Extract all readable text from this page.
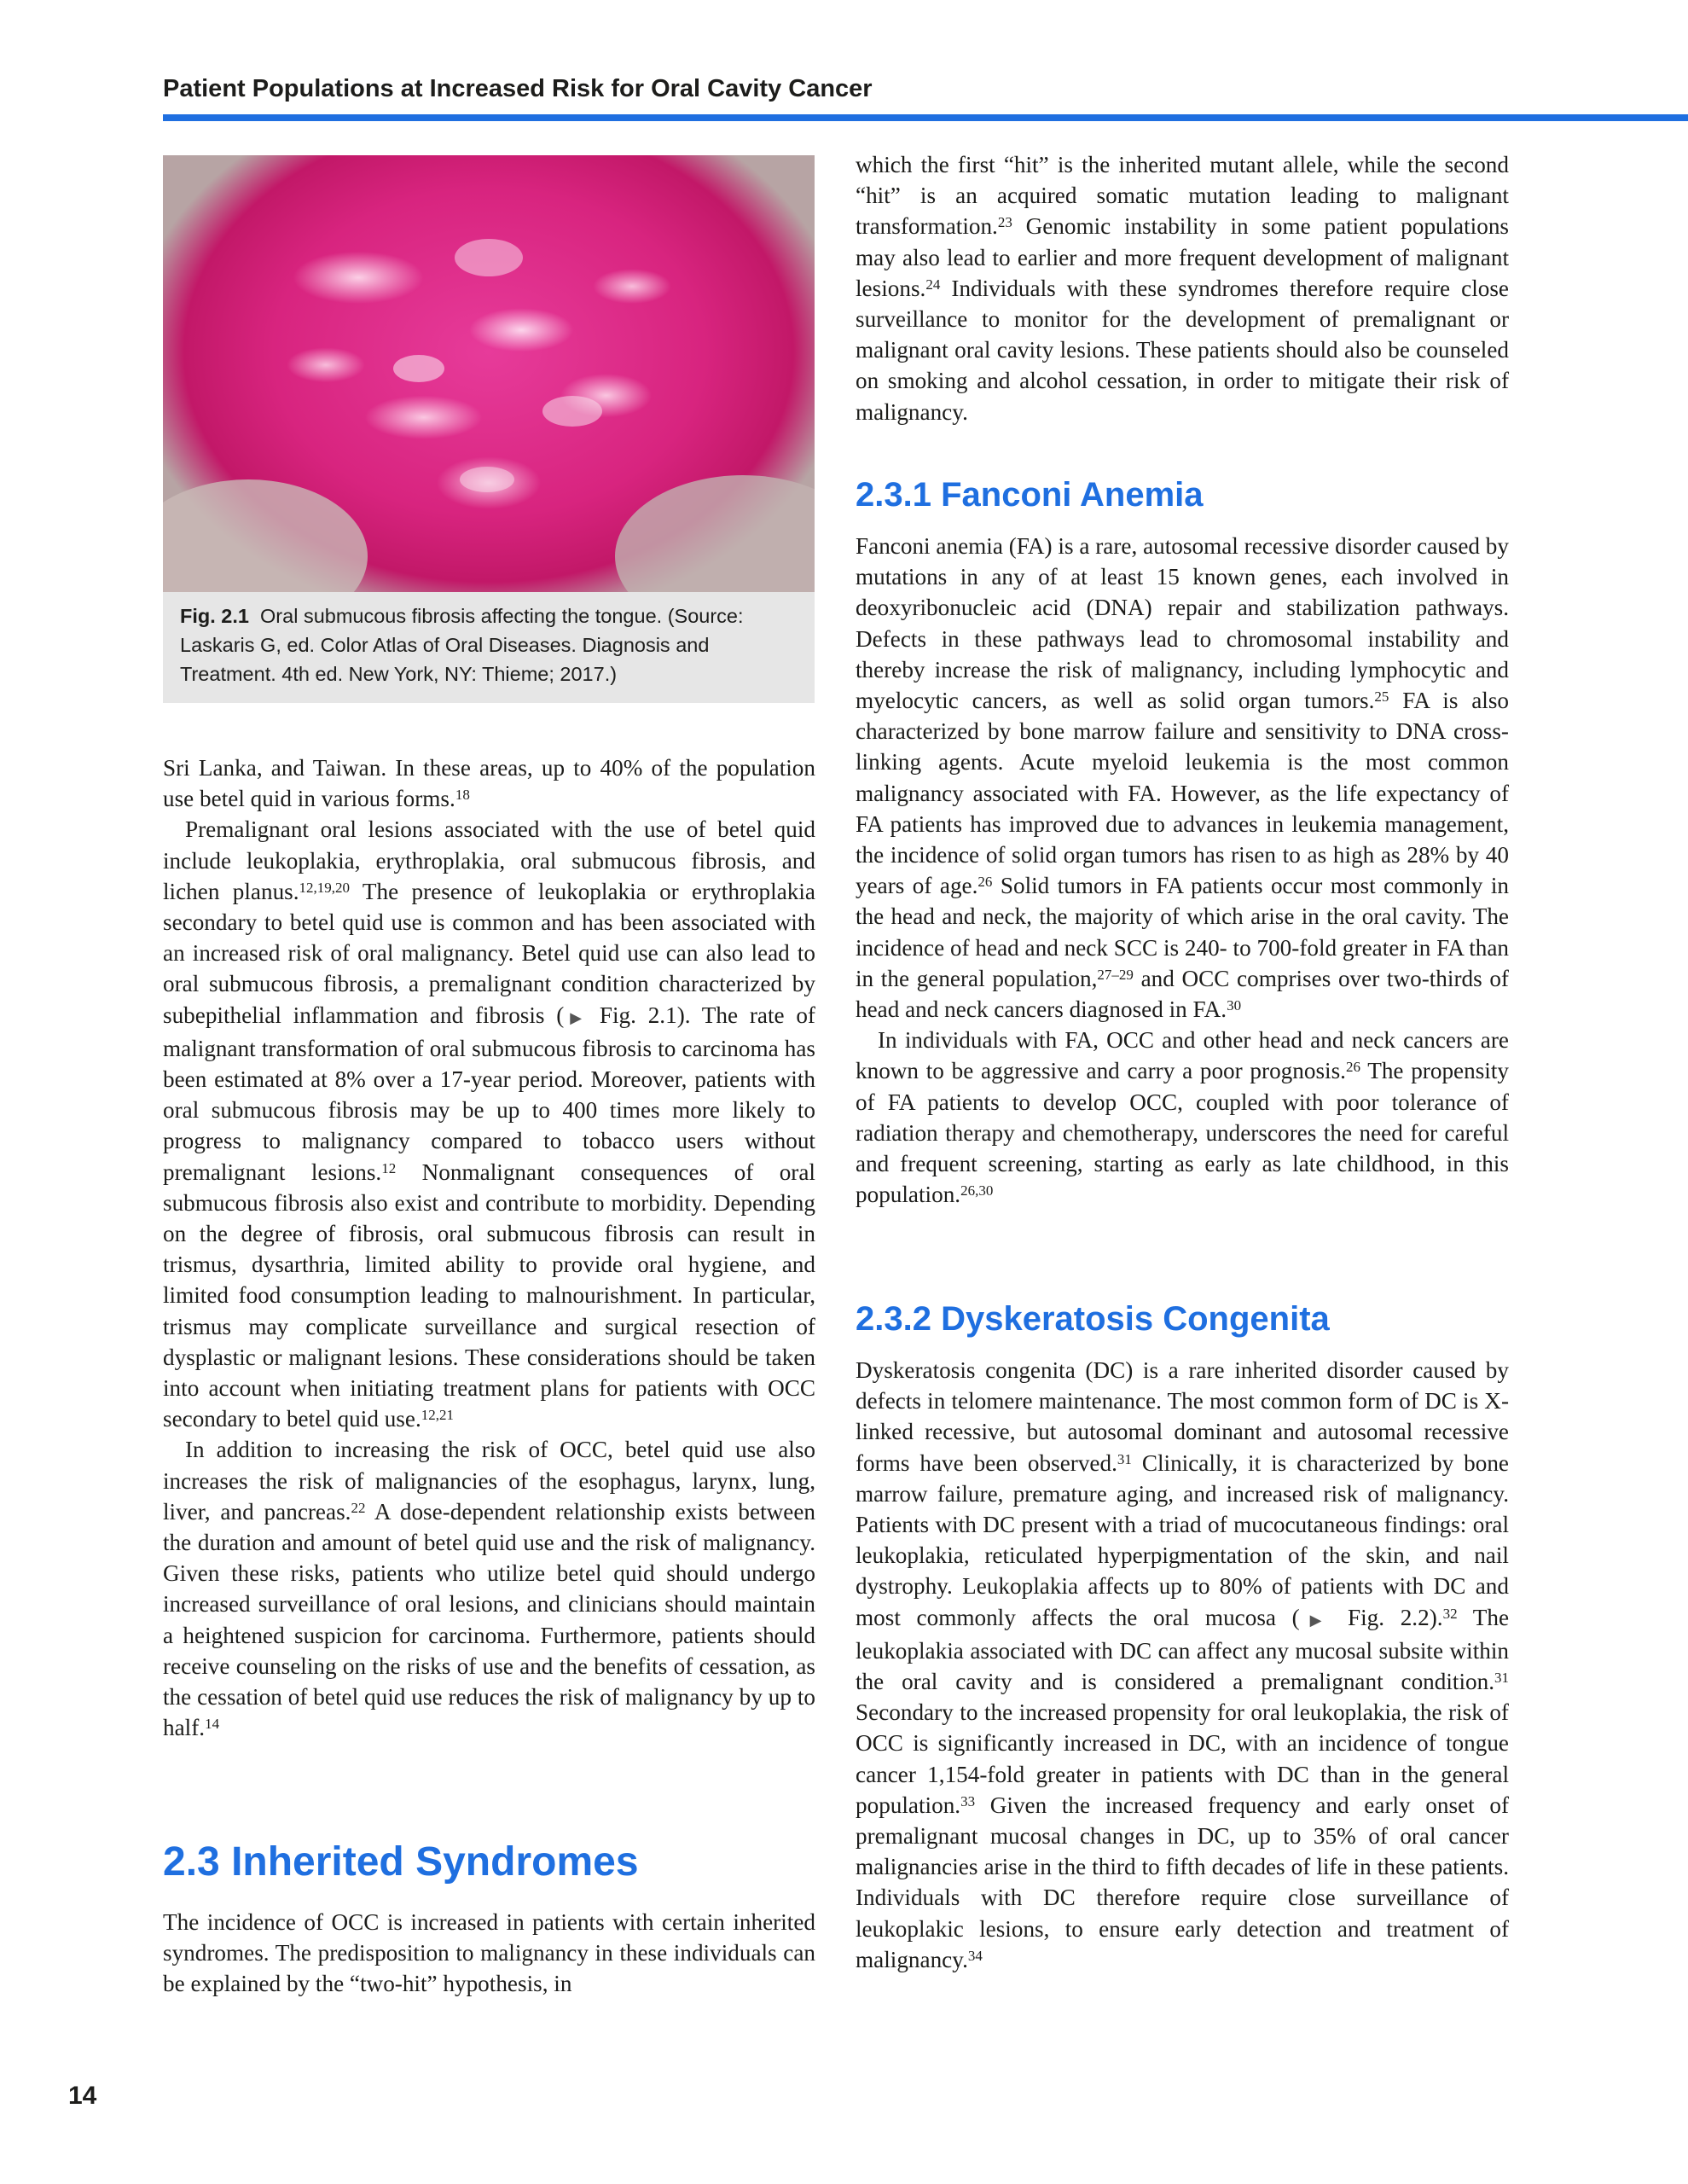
Patient Populations at Increased Risk for Oral Cavity Cancer
Fig. 2.1 Oral submucous fibrosis affecting the tongue. (Source: Laskaris G, ed. Color Atlas of Oral Diseases. Diagnosis and Treatment. 4th ed. New York, NY: Thieme; 2017.)

Sri Lanka, and Taiwan. In these areas, up to 40% of the population use betel quid in various forms.$^{18}$

Premalignant oral lesions associated with the use of betel quid include leukoplakia, erythroplakia, oral submucous fibrosis, and lichen planus.$^{12,19,20}$ The presence of leukoplakia or erythroplakia secondary to betel quid use is common and has been associated with an increased risk of oral malignancy. Betel quid use can also lead to oral submucous fibrosis, a premalignant condition characterized by subepithelial inflammation and fibrosis (▶ Fig. 2.1). The rate of malignant transformation of oral submucous fibrosis to carcinoma has been estimated at 8% over a 17-year period. Moreover, patients with oral submucous fibrosis may be up to 400 times more likely to progress to malignancy compared to tobacco users without premalignant lesions.$^{12}$ Nonmalignant consequences of oral submucous fibrosis also exist and contribute to morbidity. Depending on the degree of fibrosis, oral submucous fibrosis can result in trismus, dysarthria, limited ability to provide oral hygiene, and limited food consumption leading to malnourishment. In particular, trismus may complicate surveillance and surgical resection of dysplastic or malignant lesions. These considerations should be taken into account when initiating treatment plans for patients with OCC secondary to betel quid use.$^{12,21}$

In addition to increasing the risk of OCC, betel quid use also increases the risk of malignancies of the esophagus, larynx, lung, liver, and pancreas.$^{22}$ A dose-dependent relationship exists between the duration and amount of betel quid use and the risk of malignancy. Given these risks, patients who utilize betel quid should undergo increased surveillance of oral lesions, and clinicians should maintain a heightened suspicion for carcinoma. Furthermore, patients should receive counseling on the risks of use and the benefits of cessation, as the cessation of betel quid use reduces the risk of malignancy by up to half.$^{14}$

2.3 Inherited Syndromes

The incidence of OCC is increased in patients with certain inherited syndromes. The predisposition to malignancy in these individuals can be explained by the “two-hit” hypothesis, in

which the first “hit” is the inherited mutant allele, while the second “hit” is an acquired somatic mutation leading to malignant transformation.$^{23}$ Genomic instability in some patient populations may also lead to earlier and more frequent development of malignant lesions.$^{24}$ Individuals with these syndromes therefore require close surveillance to monitor for the development of premalignant or malignant oral cavity lesions. These patients should also be counseled on smoking and alcohol cessation, in order to mitigate their risk of malignancy.

2.3.1 Fanconi Anemia

Fanconi anemia (FA) is a rare, autosomal recessive disorder caused by mutations in any of at least 15 known genes, each involved in deoxyribonucleic acid (DNA) repair and stabilization pathways. Defects in these pathways lead to chromosomal instability and thereby increase the risk of malignancy, including lymphocytic and myelocytic cancers, as well as solid organ tumors.$^{25}$ FA is also characterized by bone marrow failure and sensitivity to DNA cross-linking agents. Acute myeloid leukemia is the most common malignancy associated with FA. However, as the life expectancy of FA patients has improved due to advances in leukemia management, the incidence of solid organ tumors has risen to as high as 28% by 40 years of age.$^{26}$ Solid tumors in FA patients occur most commonly in the head and neck, the majority of which arise in the oral cavity. The incidence of head and neck SCC is 240- to 700-fold greater in FA than in the general population,$^{27-29}$ and OCC comprises over two-thirds of head and neck cancers diagnosed in FA.$^{30}$

In individuals with FA, OCC and other head and neck cancers are known to be aggressive and carry a poor prognosis.$^{26}$ The propensity of FA patients to develop OCC, coupled with poor tolerance of radiation therapy and chemotherapy, underscores the need for careful and frequent screening, starting as early as late childhood, in this population.$^{26,30}$

2.3.2 Dyskeratosis Congenita

Dyskeratosis congenita (DC) is a rare inherited disorder caused by defects in telomere maintenance. The most common form of DC is X-linked recessive, but autosomal dominant and autosomal recessive forms have been observed.$^{31}$ Clinically, it is characterized by bone marrow failure, premature aging, and increased risk of malignancy. Patients with DC present with a triad of mucocutaneous findings: oral leukoplakia, reticulated hyperpigmentation of the skin, and nail dystrophy. Leukoplakia affects up to 80% of patients with DC and most commonly affects the oral mucosa (▶ Fig. 2.2).$^{32}$ The leukoplakia associated with DC can affect any mucosal subsite within the oral cavity and is considered a premalignant condition.$^{31}$ Secondary to the increased propensity for oral leukoplakia, the risk of OCC is significantly increased in DC, with an incidence of tongue cancer 1,154-fold greater in patients with DC than in the general population.$^{33}$ Given the increased frequency and early onset of premalignant mucosal changes in DC, up to 35% of oral cancer malignancies arise in the third to fifth decades of life in these patients. Individuals with DC therefore require close surveillance of leukoplakic lesions, to ensure early detection and treatment of malignancy.$^{34}$

14
